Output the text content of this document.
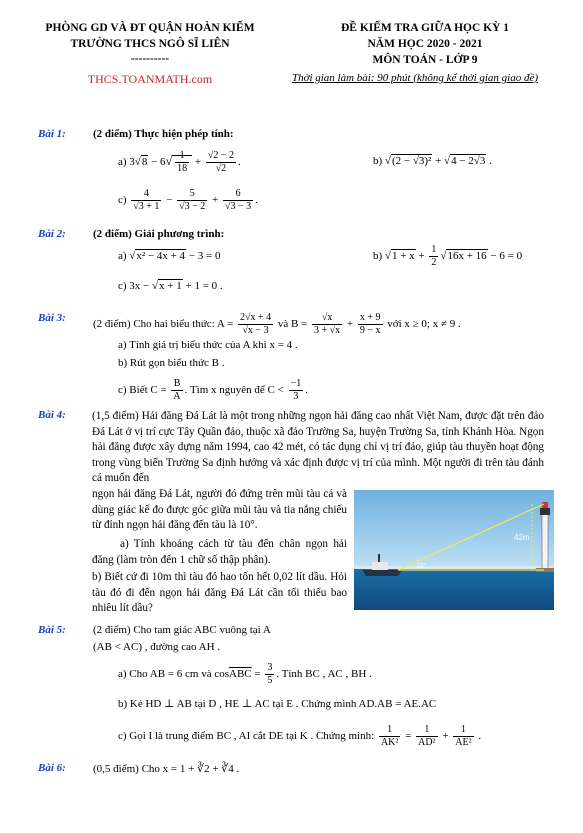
PHÒNG GD VÀ ĐT QUẬN HOÀN KIẾM
TRƯỜNG THCS NGÔ SĨ LIÊN
----------
THCS.TOANMATH.com
ĐỀ KIỂM TRA GIỮA HỌC KỲ 1
NĂM HỌC 2020 - 2021
MÔN TOÁN - LỚP 9
Thời gian làm bài: 90 phút (không kể thời gian giao đề)
Bài 1: (2 điểm) Thực hiện phép tính:
a) $3√8 - 6√ \frac{1}{18} + \frac{√2 - 2}{√2}$ .	b) √(2 − √3)² + √4 − 2√3 .
$c) \frac{4}{√3 + 1} - \frac{5}{√3 - 2} + \frac{6}{√3 - 3}$ .
Bài 2: (2 điểm) Giải phương trình:
a) √x² − 4x + 4 − 3 = 0	b) $√1 + x + \frac{1}{2} √16x + 16 - 6 = 0$
c) 3x − √x + 1 + 1 = 0 .
Bài 3:
(2 điểm) Cho hai biểu thức: $A = \frac{2√x + 4}{√x - 3}$ và $B = \frac{√x}{3 + √x} + \frac{x + 9}{9 - x}$ với x ≥ 0; x ≠ 9 .
a) Tính giá trị biểu thức của A khi x = 4 .
b) Rút gọn biểu thức B .
c) Biết $C = \frac{B}{A}$ . Tìm x nguyên để $C < \frac{-1}{3}$ .
Bài 4: (1,5 điểm) Hải đăng Đá Lát là một trong những ngọn hải đăng cao nhất Việt Nam, được đặt trên đảo Đá Lát ở vị trí cực Tây Quần đảo, thuộc xã đảo Trường Sa, huyện Trường Sa, tỉnh Khánh Hòa. Ngọn hải đăng được xây dựng năm 1994, cao 42 mét, có tác dụng chỉ vị trí đảo, giúp tàu thuyền hoạt động trong vùng biển Trường Sa định hướng và xác định được vị trí của mình. Một người đi trên tàu đánh cá muốn đến
ngọn hải đăng Đá Lát, người đó đứng trên mũi tàu cá và dùng giác kế đo được góc giữa mũi tàu và tia nắng chiếu từ đỉnh ngọn hải đăng đến tàu là 10°.
a) Tính khoảng cách từ tàu đến chân ngọn hải đăng (làm tròn đến 1 chữ số thập phân).
b) Biết cứ đi 10m thì tàu đó hao tốn hết 0,02 lít dầu. Hỏi tàu đó đi đến ngọn hải đăng Đá Lát cần tối thiểu bao nhiêu lít dầu?
42m
10°
Bài 5: (2 điểm) Cho tam giác ABC vuông tại A
(AB < AC) , đường cao AH .
a) Cho AB = 6 cm và $\cos\overline{ABC} = \frac{3}{5}$ . Tính BC , AC , BH .
b) Kẻ HD ⊥ AB tại D , HE ⊥ AC tại E . Chứng minh AD.AB = AE.AC
c) Gọi I là trung điểm BC , AI cắt DE tại K . Chứng minh: $\frac{1}{\text{AK²}} = \frac{1}{\text{AD²}} + \frac{1}{\text{AE²}}$ .
Bài 6: (0,5 điểm) Cho x = 1 + ∛2 + ∛4 .
